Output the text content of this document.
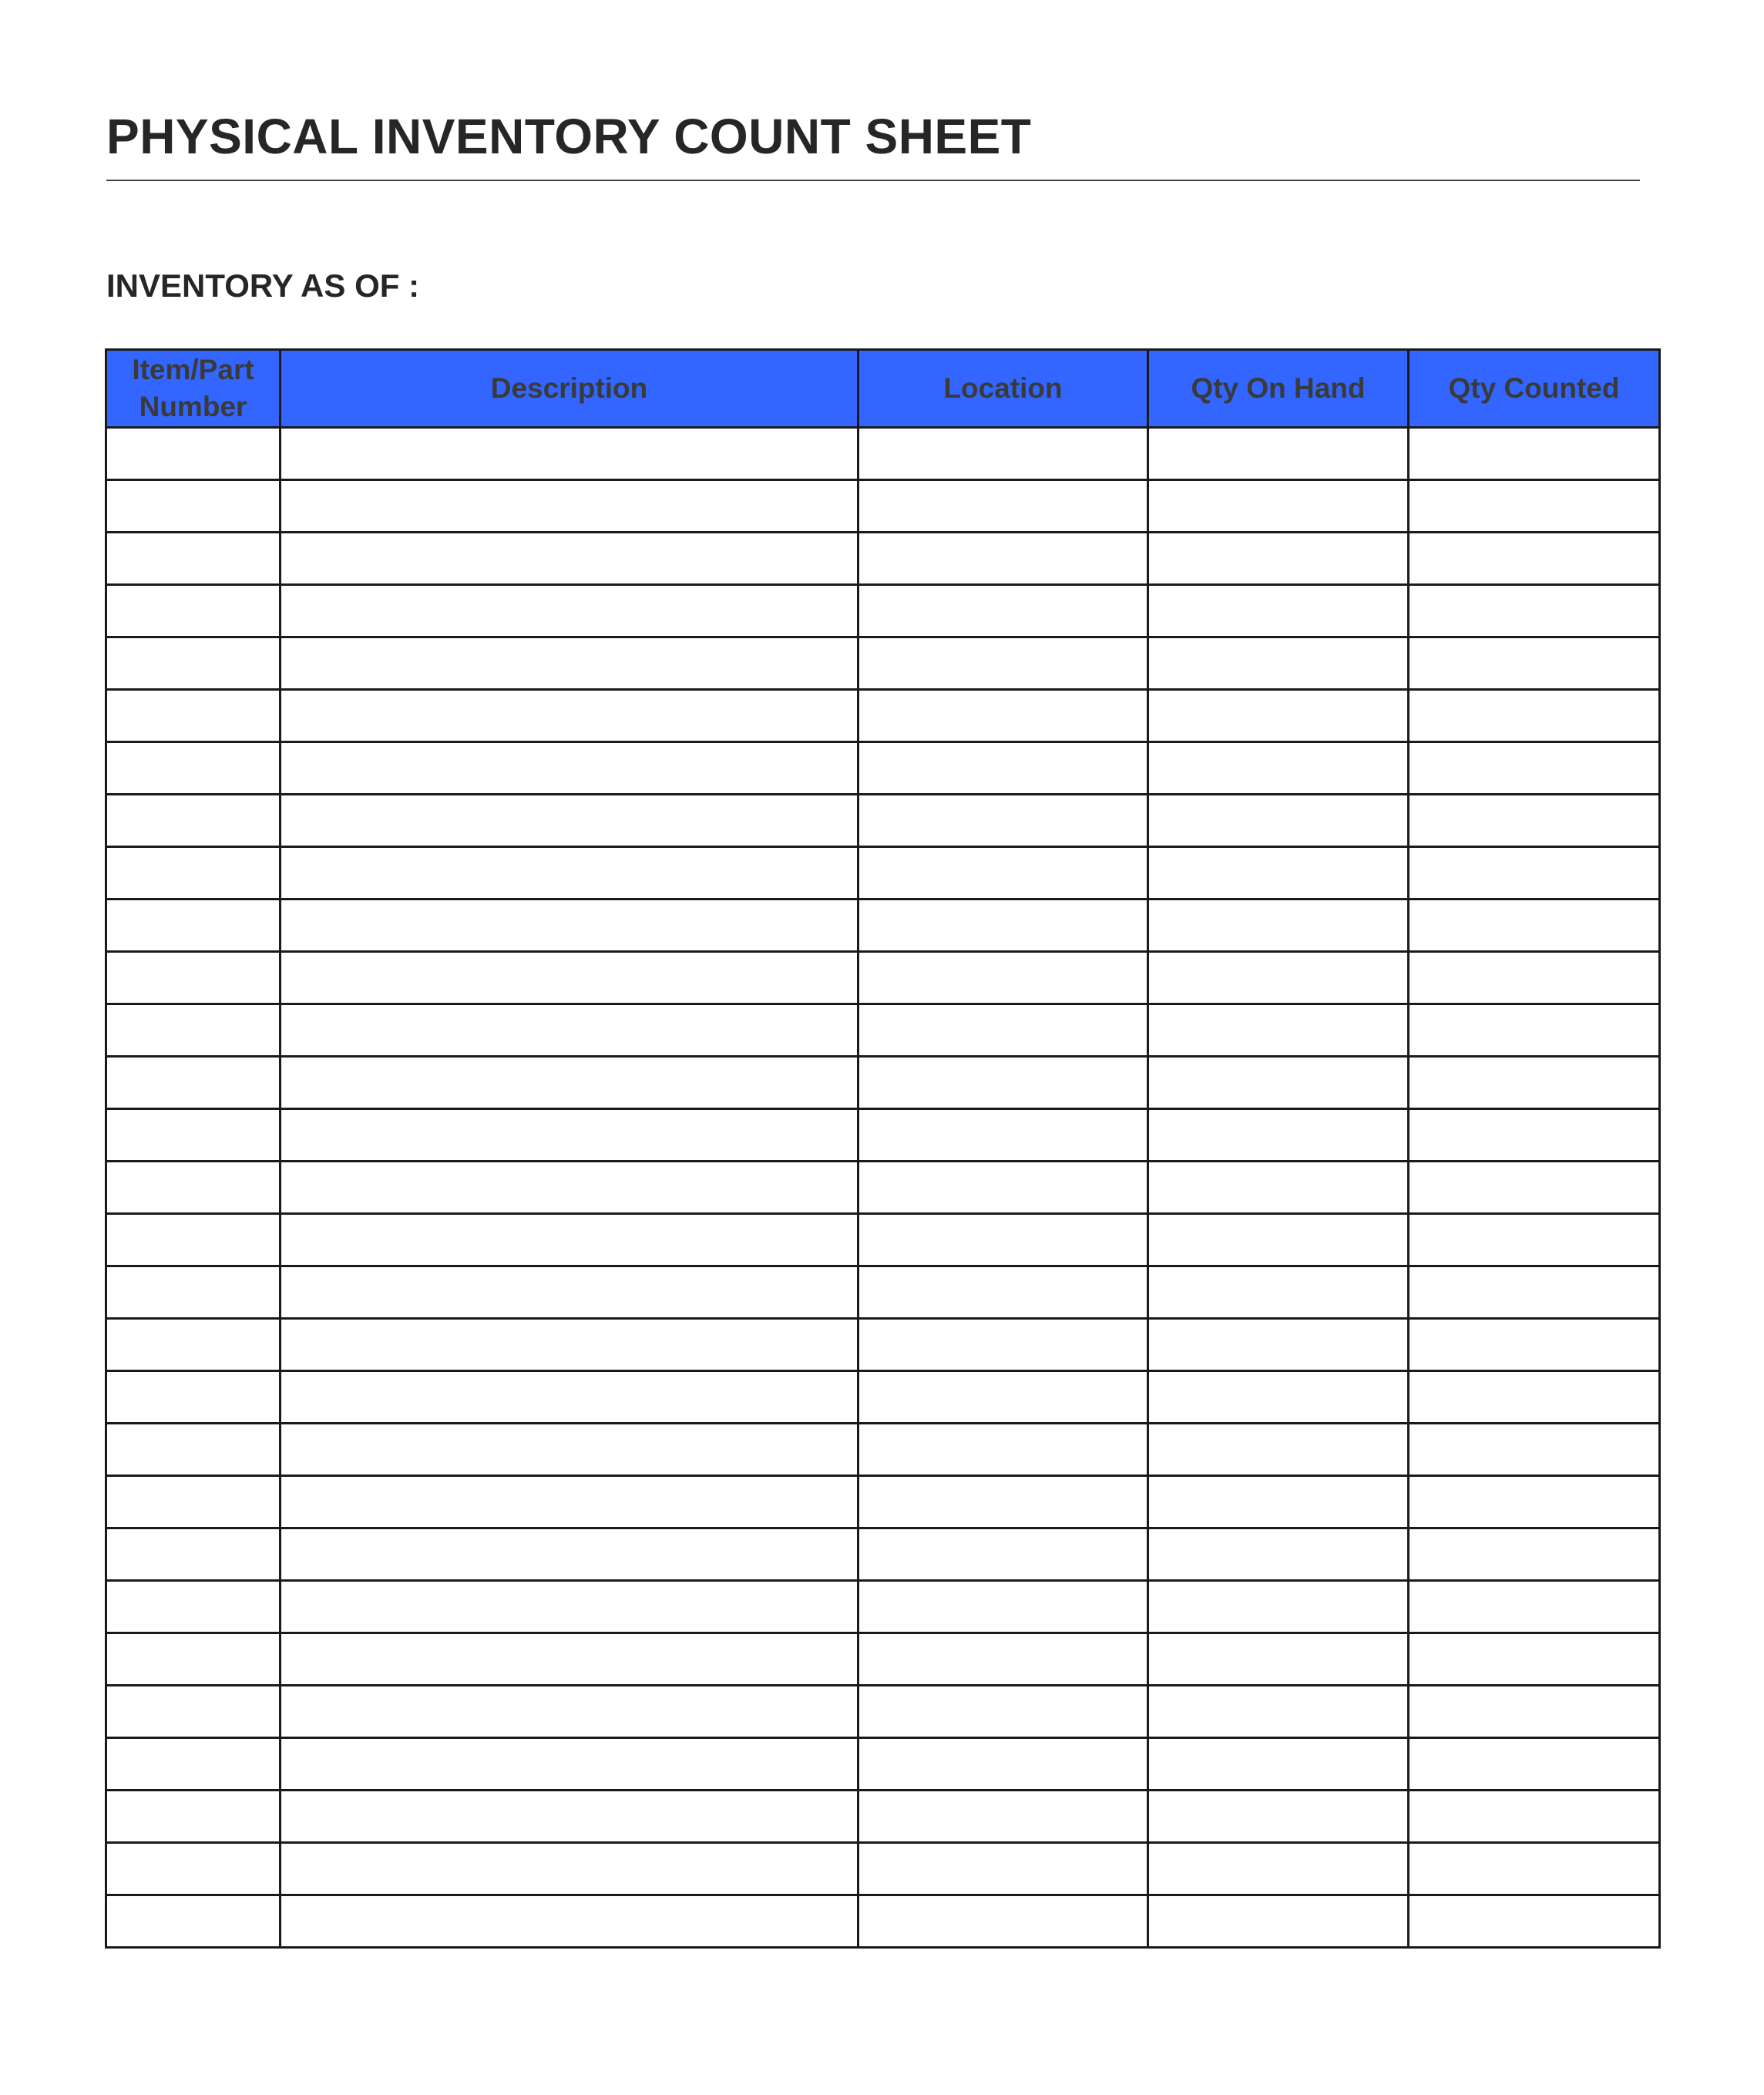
PHYSICAL INVENTORY COUNT SHEET
INVENTORY AS OF :
Item/Part
Number	Description	Location	Qty On Hand	Qty Counted
